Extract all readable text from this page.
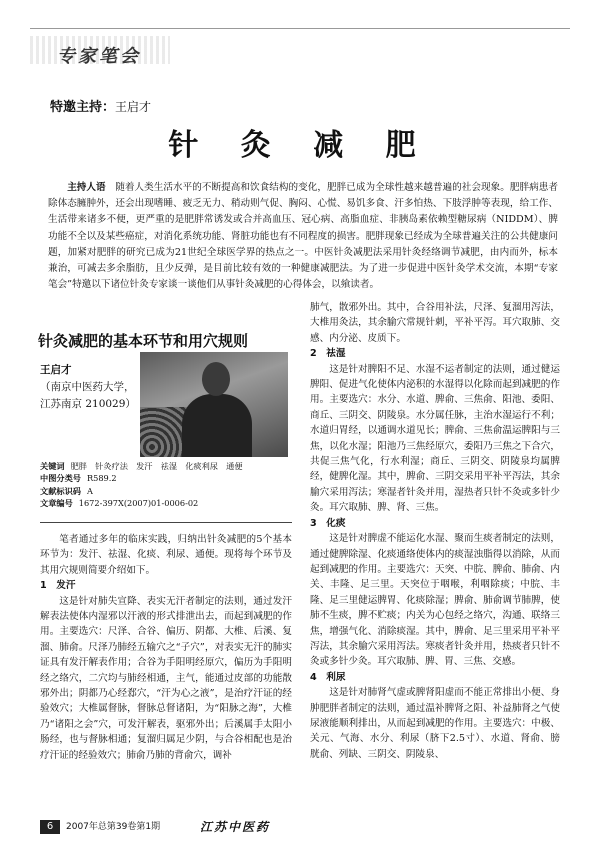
专家笔会
特邀主持：王启才
针 灸 减 肥

主持人语　 随着人类生活水平的不断提高和饮食结构的变化，肥胖已成为全球性越来越普遍的社会现象。肥胖病患者除体态臃肿外，还会出现嗜睡、疲乏无力、稍动则气促、胸闷、心慌、易饥多食、汗多怕热、下肢浮肿等表现，给工作、生活带来诸多不便，更严重的是肥胖常诱发或合并高血压、冠心病、高脂血症、非胰岛素依赖型糖尿病（NIDDM）、脾功能不全以及某些癌症，对消化系统功能、肾脏功能也有不同程度的损害。肥胖现象已经成为全球普遍关注的公共健康问题，加紧对肥胖的研究已成为21世纪全球医学界的热点之一。中医针灸减肥法采用针灸经络调节减肥，由内而外，标本兼治，可减去多余脂肪，且少反弹，是目前比较有效的一种健康减肥法。为了进一步促进中医针灸学术交流，本期“专家笔会”特邀以下诸位针灸专家谈一谈他们从事针灸减肥的心得体会，以飨读者。

针灸减肥的基本环节和用穴规则
王启才
（南京中医药大学，
江苏南京 210029）
关键词 肥胖　针灸疗法　发汗　祛湿　化痰利尿　通便
中图分类号 R589.2
文献标识码 A
文章编号 1672-397X(2007)01-0006-02

笔者通过多年的临床实践，归纳出针灸减肥的5个基本环节为：发汗、祛湿、化痰、利尿、通便。现将每个环节及其用穴规则简要介绍如下。

1　发汗

这是针对肺失宣降、表实无汗者制定的法则，通过发汗解表法使体内湿邪以汗液的形式排泄出去，而起到减肥的作用。主要选穴：尺泽、合谷、偏历、阴都、大椎、后溪、复溜、肺俞。尺泽乃肺经五输穴之“子穴”，对表实无汗的肺实证具有发汗解表作用；合谷为手阳明经原穴，偏历为手阳明经之络穴，二穴均与肺经相通，主气，能通过皮部的功能散邪外出；阴都乃心经郄穴，“汗为心之液”，是治疗汗证的经验效穴；大椎属督脉，督脉总督诸阳，为“阳脉之海”，大椎乃“诸阳之会”穴，可发汗解表，驱邪外出；后溪属手太阳小肠经，也与督脉相通；复溜归属足少阴，与合谷相配也是治疗汗证的经验效穴；肺俞乃肺的背俞穴，调补

肺气，散邪外出。其中，合谷用补法，尺泽、复溜用泻法，大椎用灸法，其余腧穴常规针刺，平补平泻。耳穴取肺、交感、内分泌、皮质下。

2　祛湿

这是针对脾阳不足、水湿不运者制定的法则，通过健运脾阳、促进气化使体内泌积的水湿得以化除而起到减肥的作用。主要选穴：水分、水道、脾俞、三焦俞、阳池、委阳、商丘、三阴交、阴陵泉。水分属任脉，主治水湿运行不利；水道归胃经，以通调水道见长；脾俞、三焦俞温运脾阳与三焦，以化水湿；阳池乃三焦经原穴，委阳乃三焦之下合穴，共促三焦气化，行水利湿；商丘、三阴交、阴陵泉均属脾经，健脾化湿。其中，脾俞、三阴交采用平补平泻法，其余腧穴采用泻法；寒湿者针灸并用，湿热者只针不灸或多针少灸。耳穴取肺、脾、肾、三焦。

3　化痰

这是针对脾虚不能运化水湿、聚而生痰者制定的法则，通过健脾除湿、化痰通络使体内的痰湿浊脂得以消除，从而起到减肥的作用。主要选穴：天突、中脘、脾俞、肺俞、内关、丰隆、足三里。天突位于咽喉，利咽除痰；中脘、丰隆、足三里健运脾胃、化痰除湿；脾俞、肺俞调节肺脾，使肺不生痰，脾不贮痰；内关为心包经之络穴，沟通、联络三焦，增强气化、消除痰湿。其中，脾俞、足三里采用平补平泻法，其余腧穴采用泻法。寒痰者针灸并用，热痰者只针不灸或多针少灸。耳穴取肺、脾、胃、三焦、交感。

4　利尿

这是针对肺肾气虚或脾肾阳虚而不能正常排出小便、身肿肥胖者制定的法则，通过温补脾肾之阳、补益肺肾之气使尿液能顺利排出，从而起到减肥的作用。主要选穴：中极、关元、气海、水分、利尿（脐下2.5寸）、水道、肾俞、膀胱俞、列缺、三阴交、阴陵泉、

6	2007年总第39卷第1期	江苏中医药
